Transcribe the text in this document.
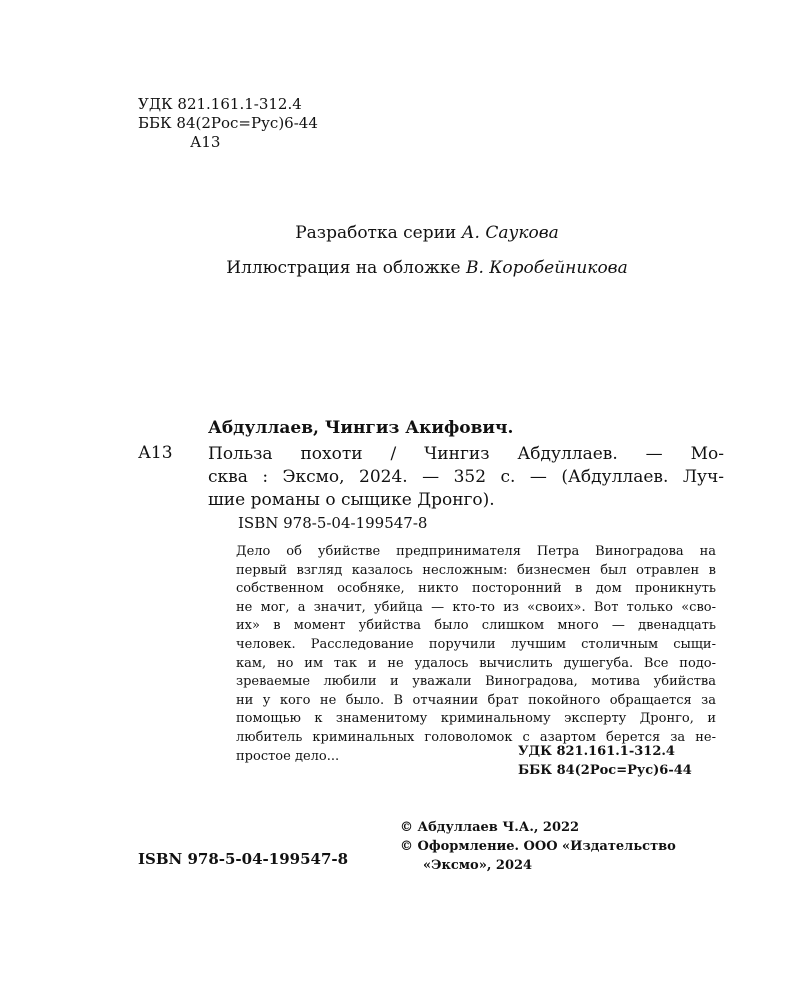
УДК 821.161.1-312.4
ББК 84(2Рос=Рус)6-44
А13
Разработка серии А. Саукова
Иллюстрация на обложке В. Коробейникова
Абдуллаев, Чингиз Акифович.
А13 Польза похоти / Чингиз Абдуллаев. — Мо-
сква : Эксмо, 2024. — 352 с. — (Абдуллаев. Луч-
шие романы о сыщике Дронго).
ISBN 978-5-04-199547-8
Дело об убийстве предпринимателя Петра Виноградова на
первый взгляд казалось несложным: бизнесмен был отравлен в
собственном особняке, никто посторонний в дом проникнуть
не мог, а значит, убийца — кто-то из «своих». Вот только «сво-
их» в момент убийства было слишком много — двенадцать
человек. Расследование поручили лучшим столичным сыщи-
кам, но им так и не удалось вычислить душегуба. Все подо-
зреваемые любили и уважали Виноградова, мотива убийства
ни у кого не было. В отчаянии брат покойного обращается за
помощью к знаменитому криминальному эксперту Дронго, и
любитель криминальных головоломок с азартом берется за не-
простое дело...	УДК 821.161.1-312.4
ББК 84(2Рос=Рус)6-44
© Абдуллаев Ч.А., 2022
© Оформление. ООО «Издательство
«Эксмо», 2024
ISBN 978-5-04-199547-8
